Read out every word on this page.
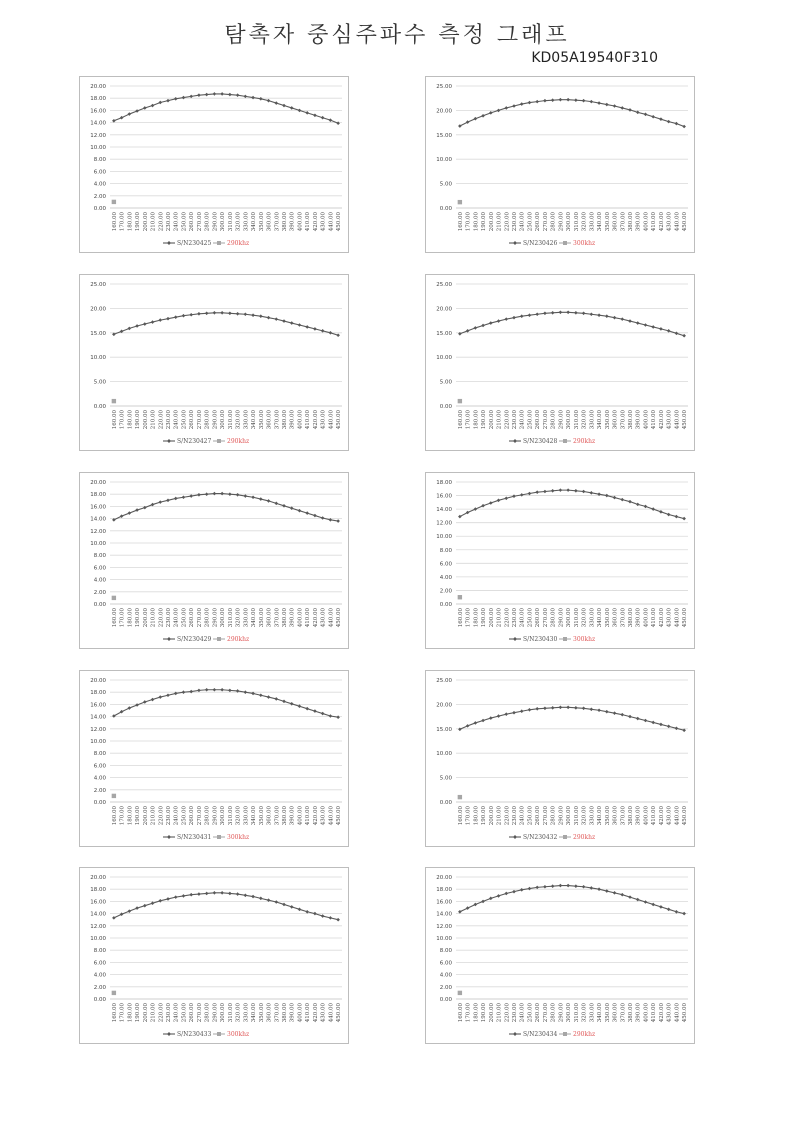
탐촉자 중심주파수 측정 그래프
KD05A19540F310
0.00
2.00
4.00
6.00
8.00
10.00
12.00
14.00
16.00
18.00
20.00
160.00 170.00 180.00 190.00 200.00 210.00 220.00 230.00 240.00 250.00 260.00 270.00 280.00 290.00 300.00 310.00 320.00 330.00 340.00 350.00 360.00 370.00 380.00 390.00 400.00 410.00 420.00 430.00 440.00 450.00
S/N230425	290khz
0.00
5.00
10.00
15.00
20.00
25.00
160.00 170.00 180.00 190.00 200.00 210.00 220.00 230.00 240.00 250.00 260.00 270.00 280.00 290.00 300.00 310.00 320.00 330.00 340.00 350.00 360.00 370.00 380.00 390.00 400.00 410.00 420.00 430.00 440.00 450.00
S/N230426	300khz
0.00
5.00
10.00
15.00
20.00
25.00
160.00 170.00 180.00 190.00 200.00 210.00 220.00 230.00 240.00 250.00 260.00 270.00 280.00 290.00 300.00 310.00 320.00 330.00 340.00 350.00 360.00 370.00 380.00 390.00 400.00 410.00 420.00 430.00 440.00 450.00
S/N230427	290khz
0.00
5.00
10.00
15.00
20.00
25.00
160.00 170.00 180.00 190.00 200.00 210.00 220.00 230.00 240.00 250.00 260.00 270.00 280.00 290.00 300.00 310.00 320.00 330.00 340.00 350.00 360.00 370.00 380.00 390.00 400.00 410.00 420.00 430.00 440.00 450.00
S/N230428	290khz
0.00
2.00
4.00
6.00
8.00
10.00
12.00
14.00
16.00
18.00
20.00
160.00 170.00 180.00 190.00 200.00 210.00 220.00 230.00 240.00 250.00 260.00 270.00 280.00 290.00 300.00 310.00 320.00 330.00 340.00 350.00 360.00 370.00 380.00 390.00 400.00 410.00 420.00 430.00 440.00 450.00
S/N230429	290khz
0.00
2.00
4.00
6.00
8.00
10.00
12.00
14.00
16.00
18.00
160.00 170.00 180.00 190.00 200.00 210.00 220.00 230.00 240.00 250.00 260.00 270.00 280.00 290.00 300.00 310.00 320.00 330.00 340.00 350.00 360.00 370.00 380.00 390.00 400.00 410.00 420.00 430.00 440.00 450.00
S/N230430	300khz
0.00
2.00
4.00
6.00
8.00
10.00
12.00
14.00
16.00
18.00
20.00
160.00 170.00 180.00 190.00 200.00 210.00 220.00 230.00 240.00 250.00 260.00 270.00 280.00 290.00 300.00 310.00 320.00 330.00 340.00 350.00 360.00 370.00 380.00 390.00 400.00 410.00 420.00 430.00 440.00 450.00
S/N230431	300khz
0.00
5.00
10.00
15.00
20.00
25.00
160.00 170.00 180.00 190.00 200.00 210.00 220.00 230.00 240.00 250.00 260.00 270.00 280.00 290.00 300.00 310.00 320.00 330.00 340.00 350.00 360.00 370.00 380.00 390.00 400.00 410.00 420.00 430.00 440.00 450.00
S/N230432	290khz
0.00
2.00
4.00
6.00
8.00
10.00
12.00
14.00
16.00
18.00
20.00
160.00 170.00 180.00 190.00 200.00 210.00 220.00 230.00 240.00 250.00 260.00 270.00 280.00 290.00 300.00 310.00 320.00 330.00 340.00 350.00 360.00 370.00 380.00 390.00 400.00 410.00 420.00 430.00 440.00 450.00
S/N230433	300khz
0.00
2.00
4.00
6.00
8.00
10.00
12.00
14.00
16.00
18.00
20.00
160.00 170.00 180.00 190.00 200.00 210.00 220.00 230.00 240.00 250.00 260.00 270.00 280.00 290.00 300.00 310.00 320.00 330.00 340.00 350.00 360.00 370.00 380.00 390.00 400.00 410.00 420.00 430.00 440.00 450.00
S/N230434	290khz
